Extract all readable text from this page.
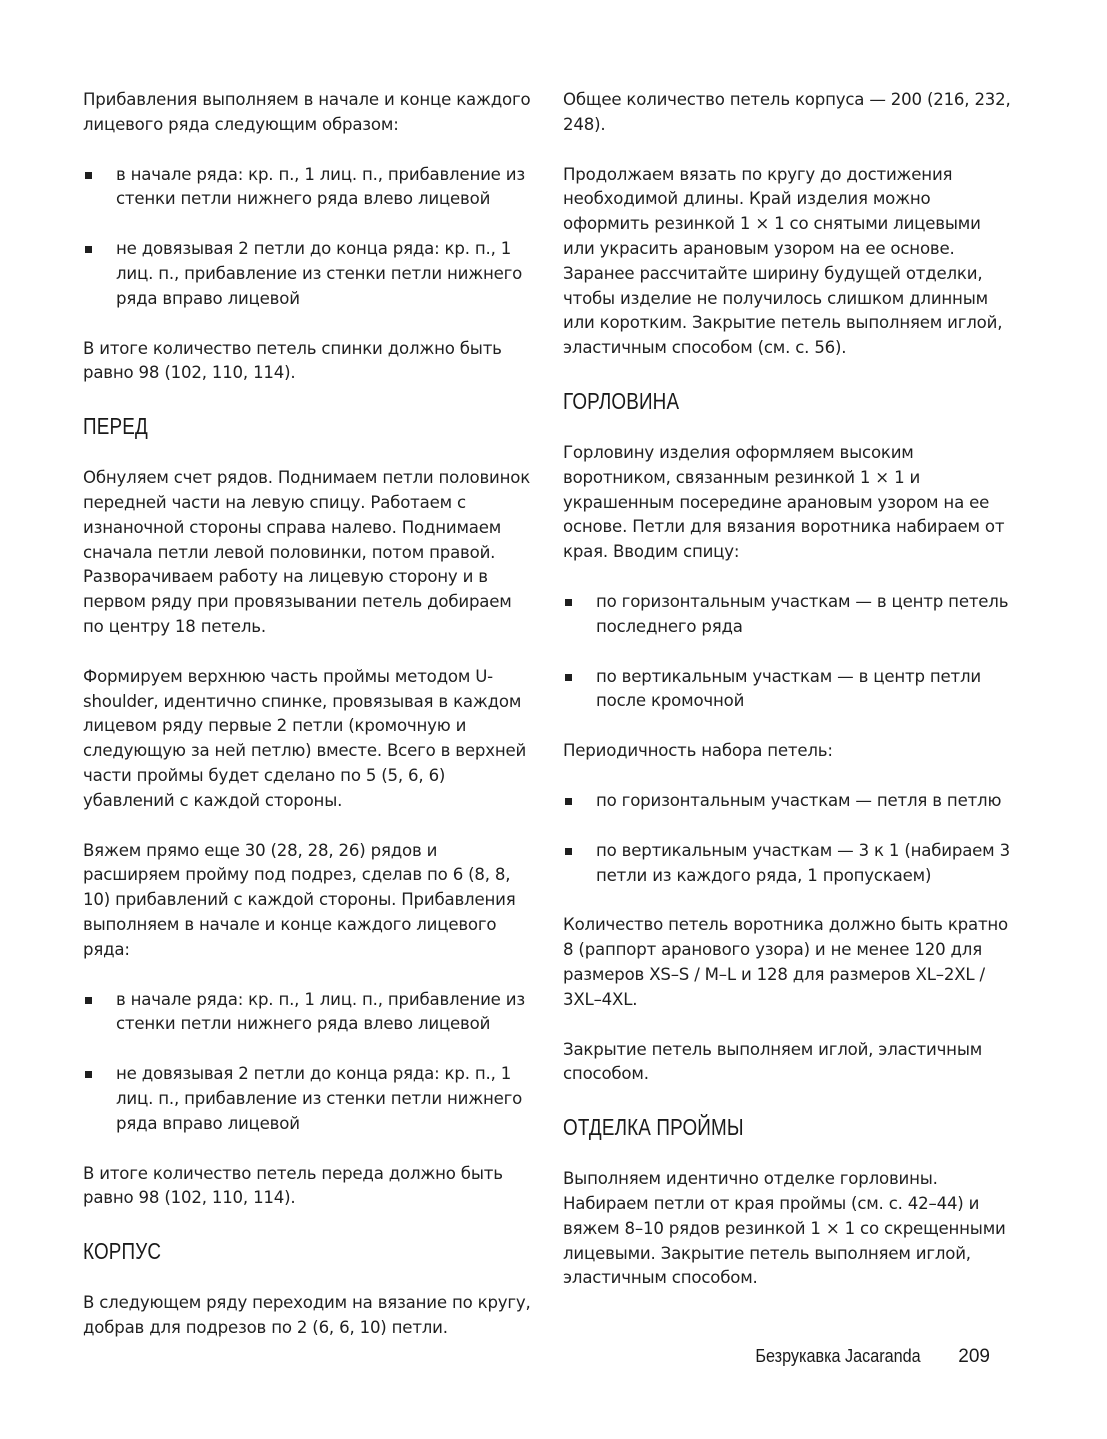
Прибавления выполняем в начале и конце каждого лицевого ряда следующим образом:

в начале ряда: кр. п., 1 лиц. п., прибавление из стенки петли нижнего ряда влево лицевой
не довязывая 2 петли до конца ряда: кр. п., 1 лиц. п., прибавление из стенки петли нижнего ряда вправо лицевой

В итоге количество петель спинки должно быть равно 98 (102, 110, 114).

ПЕРЕД

Обнуляем счет рядов. Поднимаем петли половинок передней части на левую спицу. Работаем с изнаночной стороны справа налево. Поднимаем сначала петли левой половинки, потом правой. Разворачиваем работу на лицевую сторону и в первом ряду при провязывании петель добираем по центру 18 петель.

Формируем верхнюю часть проймы методом U-shoulder, идентично спинке, провязывая в каждом лицевом ряду первые 2 петли (кромочную и следующую за ней петлю) вместе. Всего в верхней части проймы будет сделано по 5 (5, 6, 6) убавлений с каждой стороны.

Вяжем прямо еще 30 (28, 28, 26) рядов и расширяем пройму под подрез, сделав по 6 (8, 8, 10) прибавлений с каждой стороны. Прибавления выполняем в начале и конце каждого лицевого ряда:

в начале ряда: кр. п., 1 лиц. п., прибавление из стенки петли нижнего ряда влево лицевой
не довязывая 2 петли до конца ряда: кр. п., 1 лиц. п., прибавление из стенки петли нижнего ряда вправо лицевой

В итоге количество петель переда должно быть равно 98 (102, 110, 114).

КОРПУС

В следующем ряду переходим на вязание по кругу, добрав для подрезов по 2 (6, 6, 10) петли.

Общее количество петель корпуса — 200 (216, 232, 248).

Продолжаем вязать по кругу до достижения необходимой длины. Край изделия можно оформить резинкой 1 × 1 со снятыми лицевыми или украсить арановым узором на ее основе. Заранее рассчитайте ширину будущей отделки, чтобы изделие не получилось слишком длинным или коротким. Закрытие петель выполняем иглой, эластичным способом (см. с. 56).

ГОРЛОВИНА

Горловину изделия оформляем высоким воротником, связанным резинкой 1 × 1 и украшенным посередине арановым узором на ее основе. Петли для вязания воротника набираем от края. Вводим спицу:

по горизонтальным участкам — в центр петель последнего ряда
по вертикальным участкам — в центр петли после кромочной

Периодичность набора петель:

по горизонтальным участкам — петля в петлю
по вертикальным участкам — 3 к 1 (набираем 3 петли из каждого ряда, 1 пропускаем)

Количество петель воротника должно быть кратно 8 (раппорт аранового узора) и не менее 120 для размеров XS–S / M–L и 128 для размеров XL–2XL / 3XL–4XL.

Закрытие петель выполняем иглой, эластичным способом.

ОТДЕЛКА ПРОЙМЫ

Выполняем идентично отделке горловины. Набираем петли от края проймы (см. с. 42–44) и вяжем 8–10 рядов резинкой 1 × 1 со скрещенными лицевыми. Закрытие петель выполняем иглой, эластичным способом.

Безрукавка Jacaranda 209
